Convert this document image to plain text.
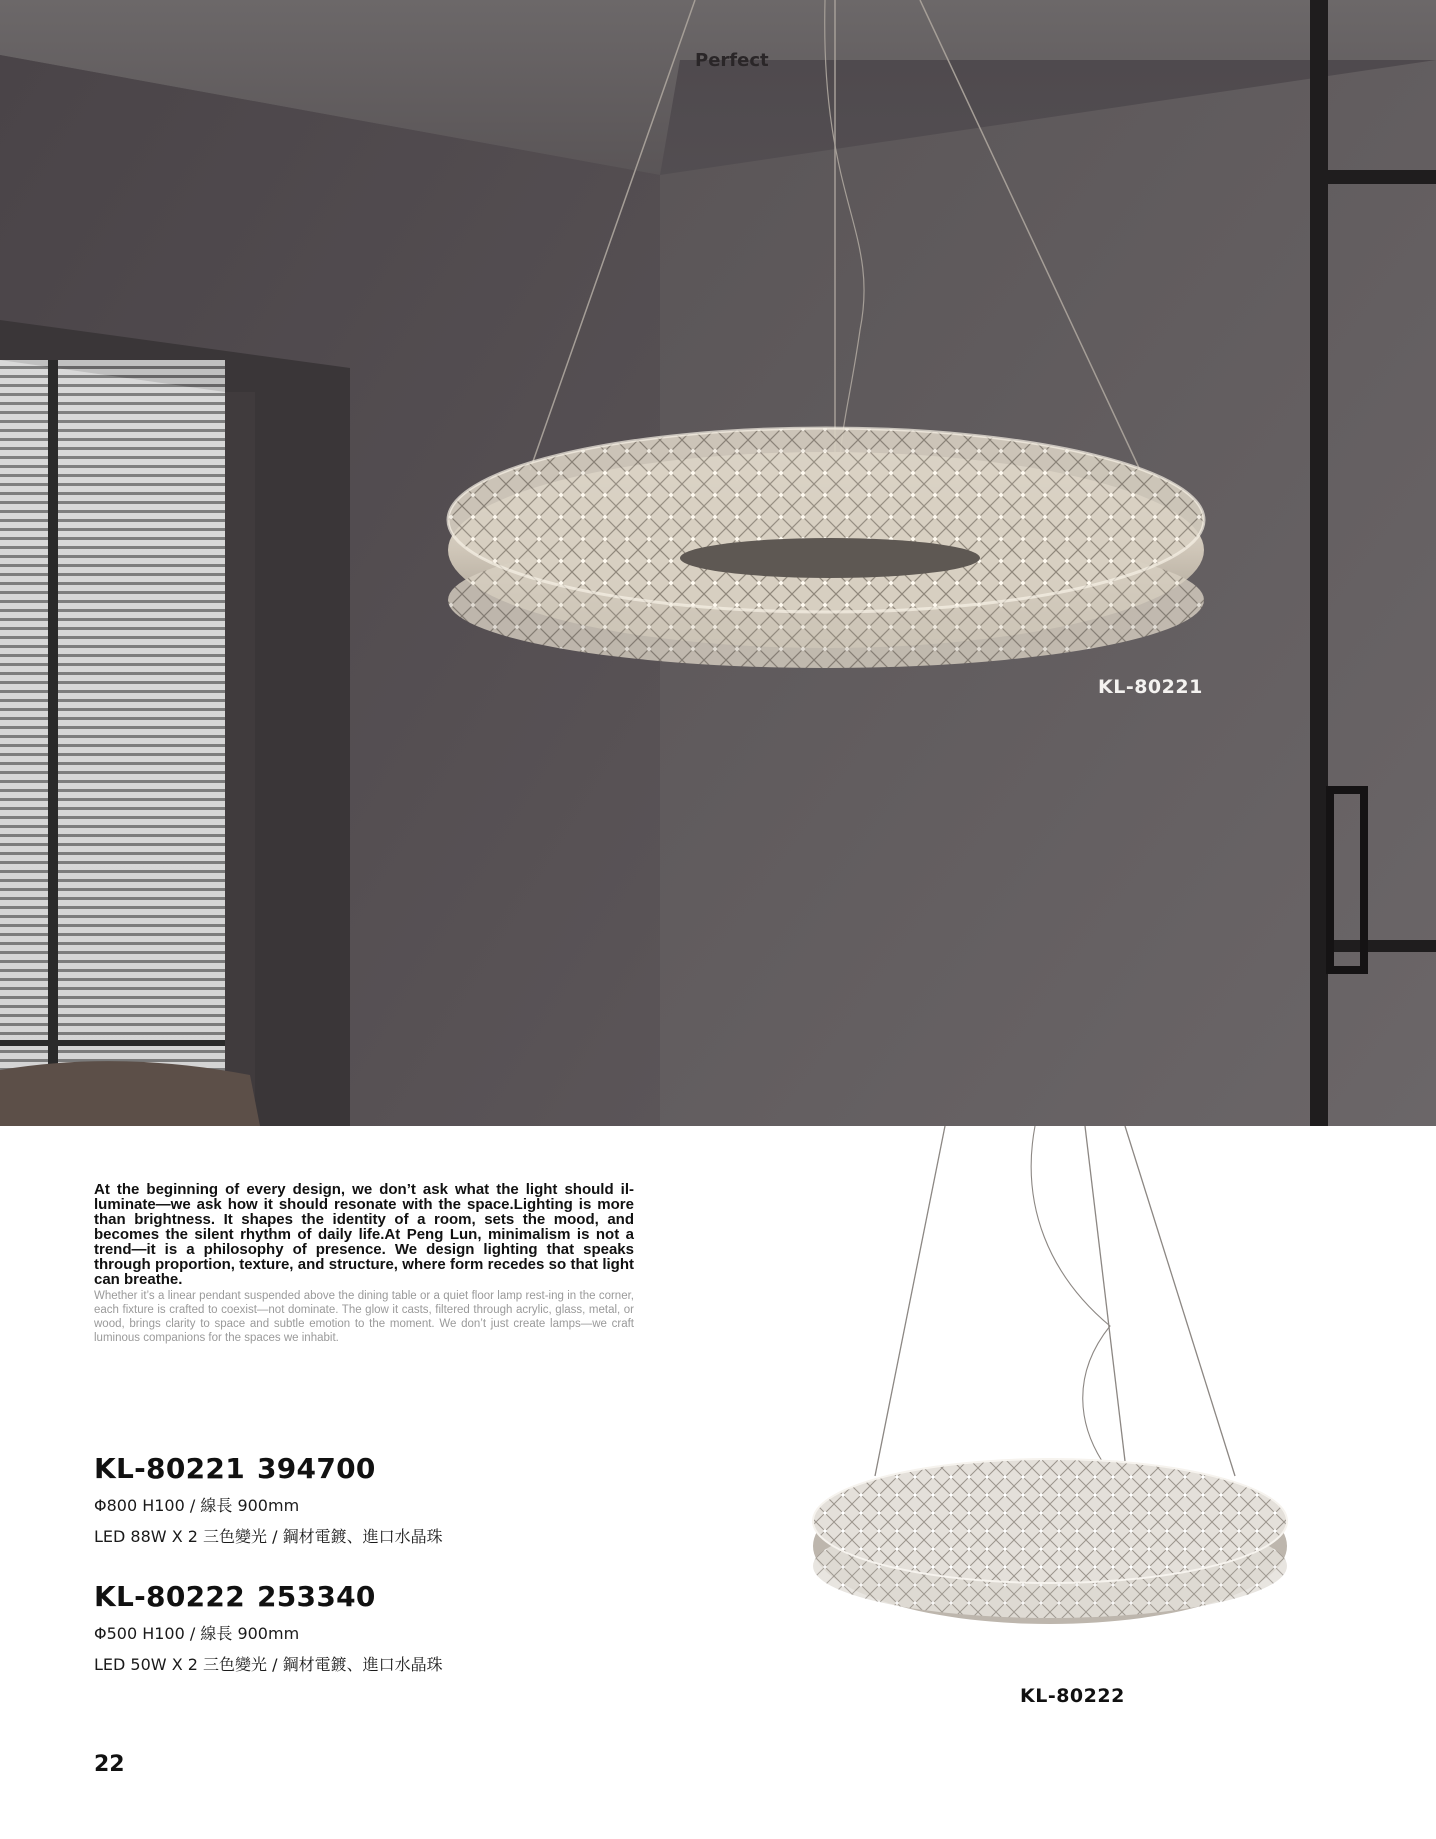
Perfect
KL-80221

At the beginning of every design, we don’t ask what the light should il-luminate—we ask how it should resonate with the space.Lighting is more than brightness. It shapes the identity of a room, sets the mood, and becomes the silent rhythm of daily life.At Peng Lun, minimalism is not a trend—it is a philosophy of presence. We design lighting that speaks through proportion, texture, and structure, where form recedes so that light can breathe.

Whether it’s a linear pendant suspended above the dining table or a quiet floor lamp rest-ing in the corner, each fixture is crafted to coexist—not dominate. The glow it casts, filtered through acrylic, glass, metal, or wood, brings clarity to space and subtle emotion to the moment. We don’t just create lamps—we craft luminous companions for the spaces we inhabit.

KL-80221 394700
Φ800 H100 / 線長 900mm
LED 88W X 2 三色變光 / 鋼材電鍍、進口水晶珠
KL-80222 253340
Φ500 H100 / 線長 900mm
LED 50W X 2 三色變光 / 鋼材電鍍、進口水晶珠
KL-80222
22
